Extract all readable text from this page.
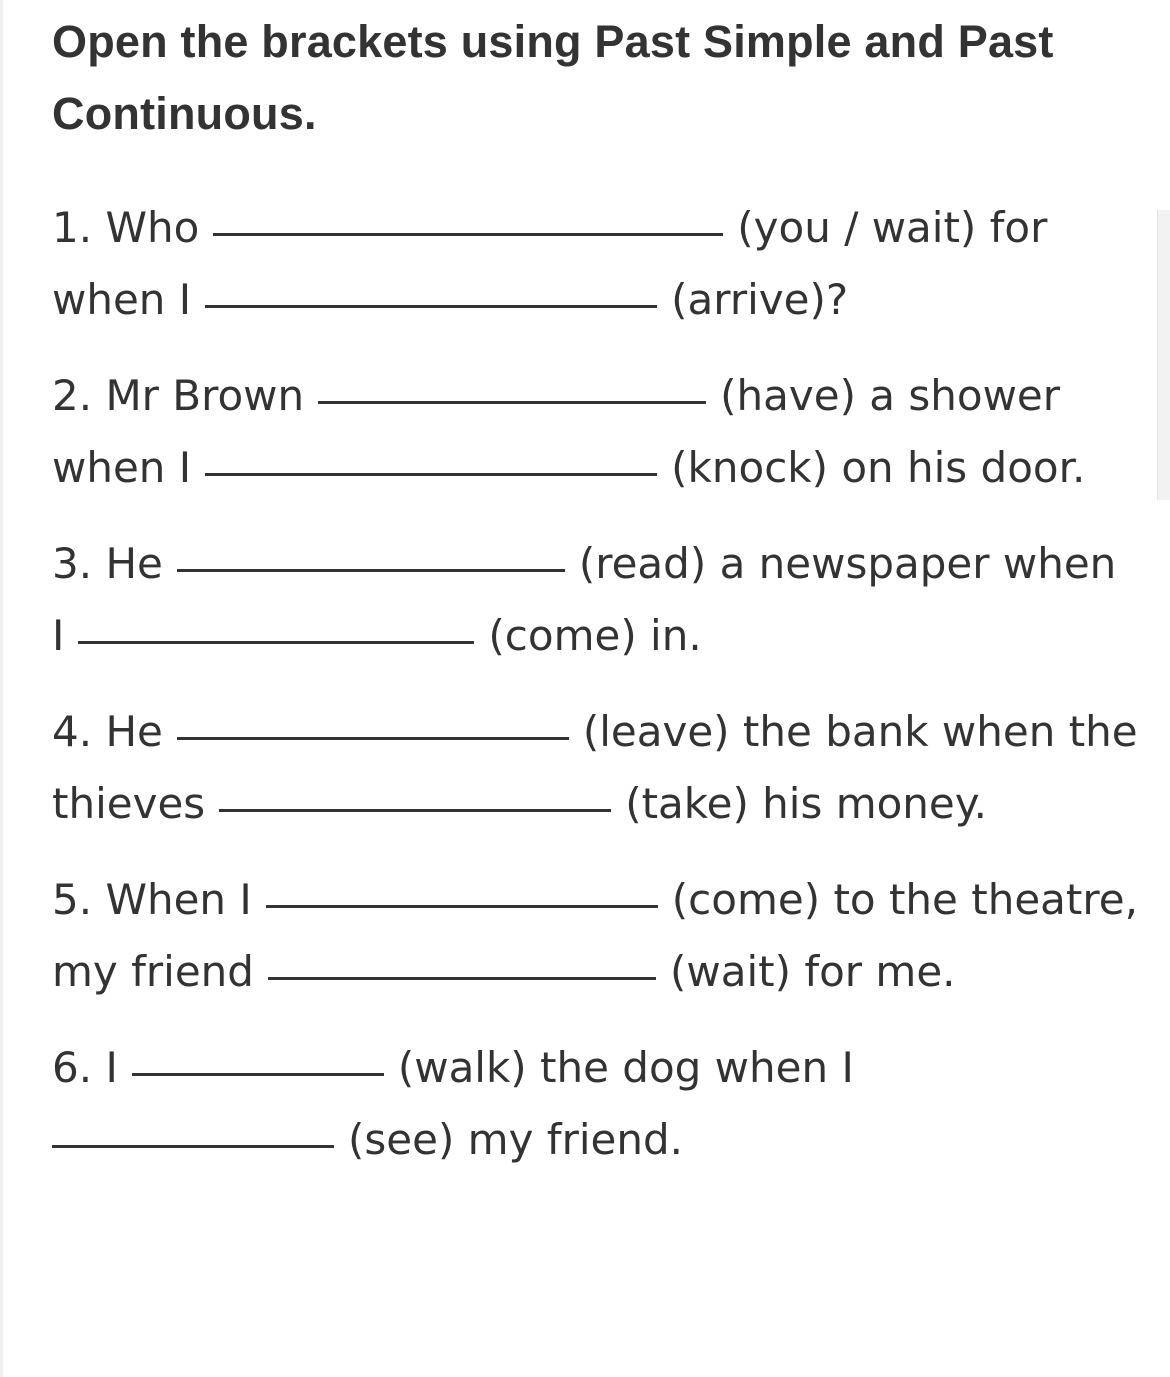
Open the brackets using Past Simple and Past Continuous.
1. Who	(you / wait) for when I	(arrive)?
2. Mr Brown	(have) a shower when I	(knock) on his door.
3. He	(read) a newspaper when I	(come) in.
4. He	(leave) the bank when the thieves	(take) his money.
5. When I	(come) to the theatre, my friend	(wait) for me.
6. I	(walk) the dog when I (see) my friend.
